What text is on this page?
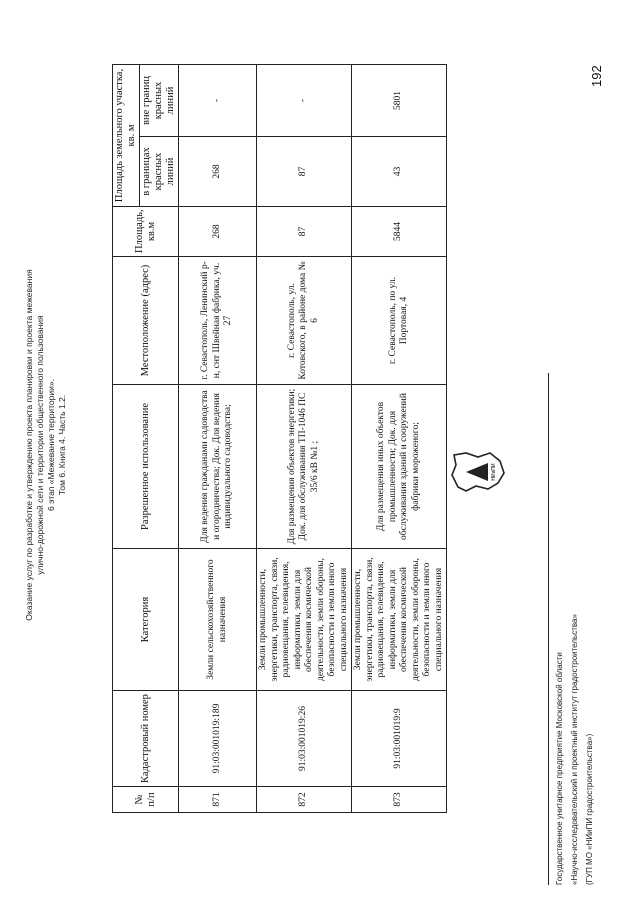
Оказание услуг по разработке и утверждению проекта планировки и проекта межевания улично-дорожной сети и территории общественного пользования 6 этап «Межевание территории». Том 6. Книга 4. Часть 1.2.
192
№ п/п	Кадастровый номер	Категория	Разрешенное использование	Местоположение (адрес)	Площадь, кв.м	Площадь земельного участка, кв. м	
						в границах красных линий	вне границ красных линий
871	91:03:001019:189	Земли сельскохозяйственного назначения	Для ведения гражданами садоводства и огородничества; Док. Для ведения индивидуального садоводства;	г. Севастополь, Ленинский р-н, снт Швейная фабрика, уч. 27	268	268	-
872	91:03:001019:26	Земли промышленности, энергетики, транспорта, связи, радиовещания, телевидения, информатики, земли для обеспечения космической деятельности, земли обороны, безопасности и земли иного специального назначения	Для размещения объектов энергетики; Док. для обслуживания ТП-1046 ПС 35/6 кВ №1 ;	г. Севастополь, ул. Котовского, в районе дома № 6	87	87	-
873	91:03:001019:9	Земли промышленности, энергетики, транспорта, связи, радиовещания, телевидения, информатики, земли для обеспечения космической деятельности, земли обороны, безопасности и земли иного специального назначения	Для размещения иных объектов промышленности; Док. для обслуживания зданий и сооружений фабрики мороженого;	г. Севастополь, по ул. Портовая, 4	5844	43	5801
НИиПИ
Государственное унитарное предприятие Московской области «Научно-исследовательский и проектный институт градостроительства» (ГУП МО «НИиПИ градостроительства»)
